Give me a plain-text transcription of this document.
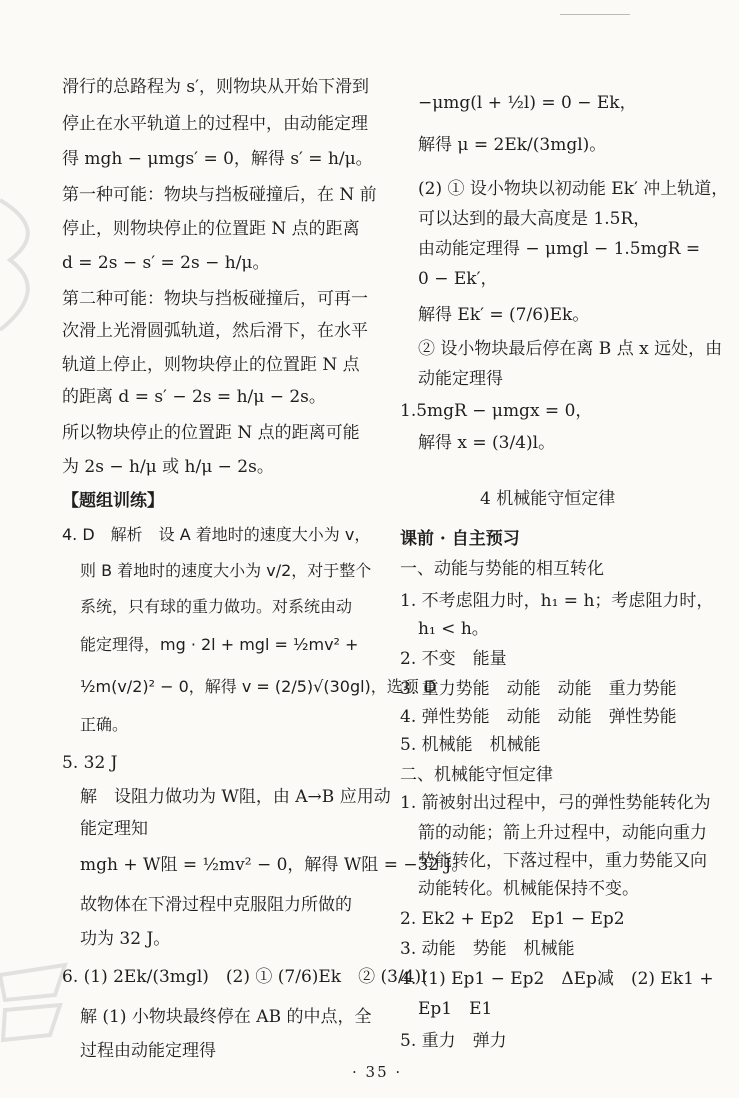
滑行的总路程为 s′，则物块从开始下滑到
停止在水平轨道上的过程中，由动能定理
得 mgh − μmgs′ = 0，解得 s′ = h/μ。
第一种可能：物块与挡板碰撞后，在 N 前
停止，则物块停止的位置距 N 点的距离
d = 2s − s′ = 2s − h/μ。
第二种可能：物块与挡板碰撞后，可再一
次滑上光滑圆弧轨道，然后滑下，在水平
轨道上停止，则物块停止的位置距 N 点
的距离 d = s′ − 2s = h/μ − 2s。
所以物块停止的位置距 N 点的距离可能
为 2s − h/μ 或 h/μ − 2s。
【题组训练】
4. D　解析　设 A 着地时的速度大小为 v，
则 B 着地时的速度大小为 v/2，对于整个
系统，只有球的重力做功。对系统由动
能定理得，mg · 2l + mgl = ½mv² +
½m(v/2)² − 0，解得 v = (2/5)√(30gl)，选项 D
正确。
5. 32 J
解　设阻力做功为 W阻，由 A→B 应用动
能定理知
mgh + W阻 = ½mv² − 0，解得 W阻 = −32 J。
故物体在下滑过程中克服阻力所做的
功为 32 J。
6. (1) 2Ek/(3mgl)　(2) ① (7/6)Ek　② (3/4)l
解 (1) 小物块最终停在 AB 的中点，全
过程由动能定理得
−μmg(l + ½l) = 0 − Ek，
解得 μ = 2Ek/(3mgl)。
(2) ① 设小物块以初动能 Ek′ 冲上轨道，
可以达到的最大高度是 1.5R，
由动能定理得 − μmgl − 1.5mgR =
0 − Ek′，
解得 Ek′ = (7/6)Ek。
② 设小物块最后停在离 B 点 x 远处，由
动能定理得
1.5mgR − μmgx = 0，
解得 x = (3/4)l。
4 机械能守恒定律
课前 · 自主预习
一、动能与势能的相互转化
1. 不考虑阻力时，h₁ = h；考虑阻力时，
h₁ < h。
2. 不变　能量
3. 重力势能　动能　动能　重力势能
4. 弹性势能　动能　动能　弹性势能
5. 机械能　机械能
二、机械能守恒定律
1. 箭被射出过程中，弓的弹性势能转化为
箭的动能；箭上升过程中，动能向重力
势能转化，下落过程中，重力势能又向
动能转化。机械能保持不变。
2. Ek2 + Ep2　Ep1 − Ep2
3. 动能　势能　机械能
4. (1) Ep1 − Ep2　ΔEp减　(2) Ek1 +
Ep1　E1
5. 重力　弹力
· 35 ·
